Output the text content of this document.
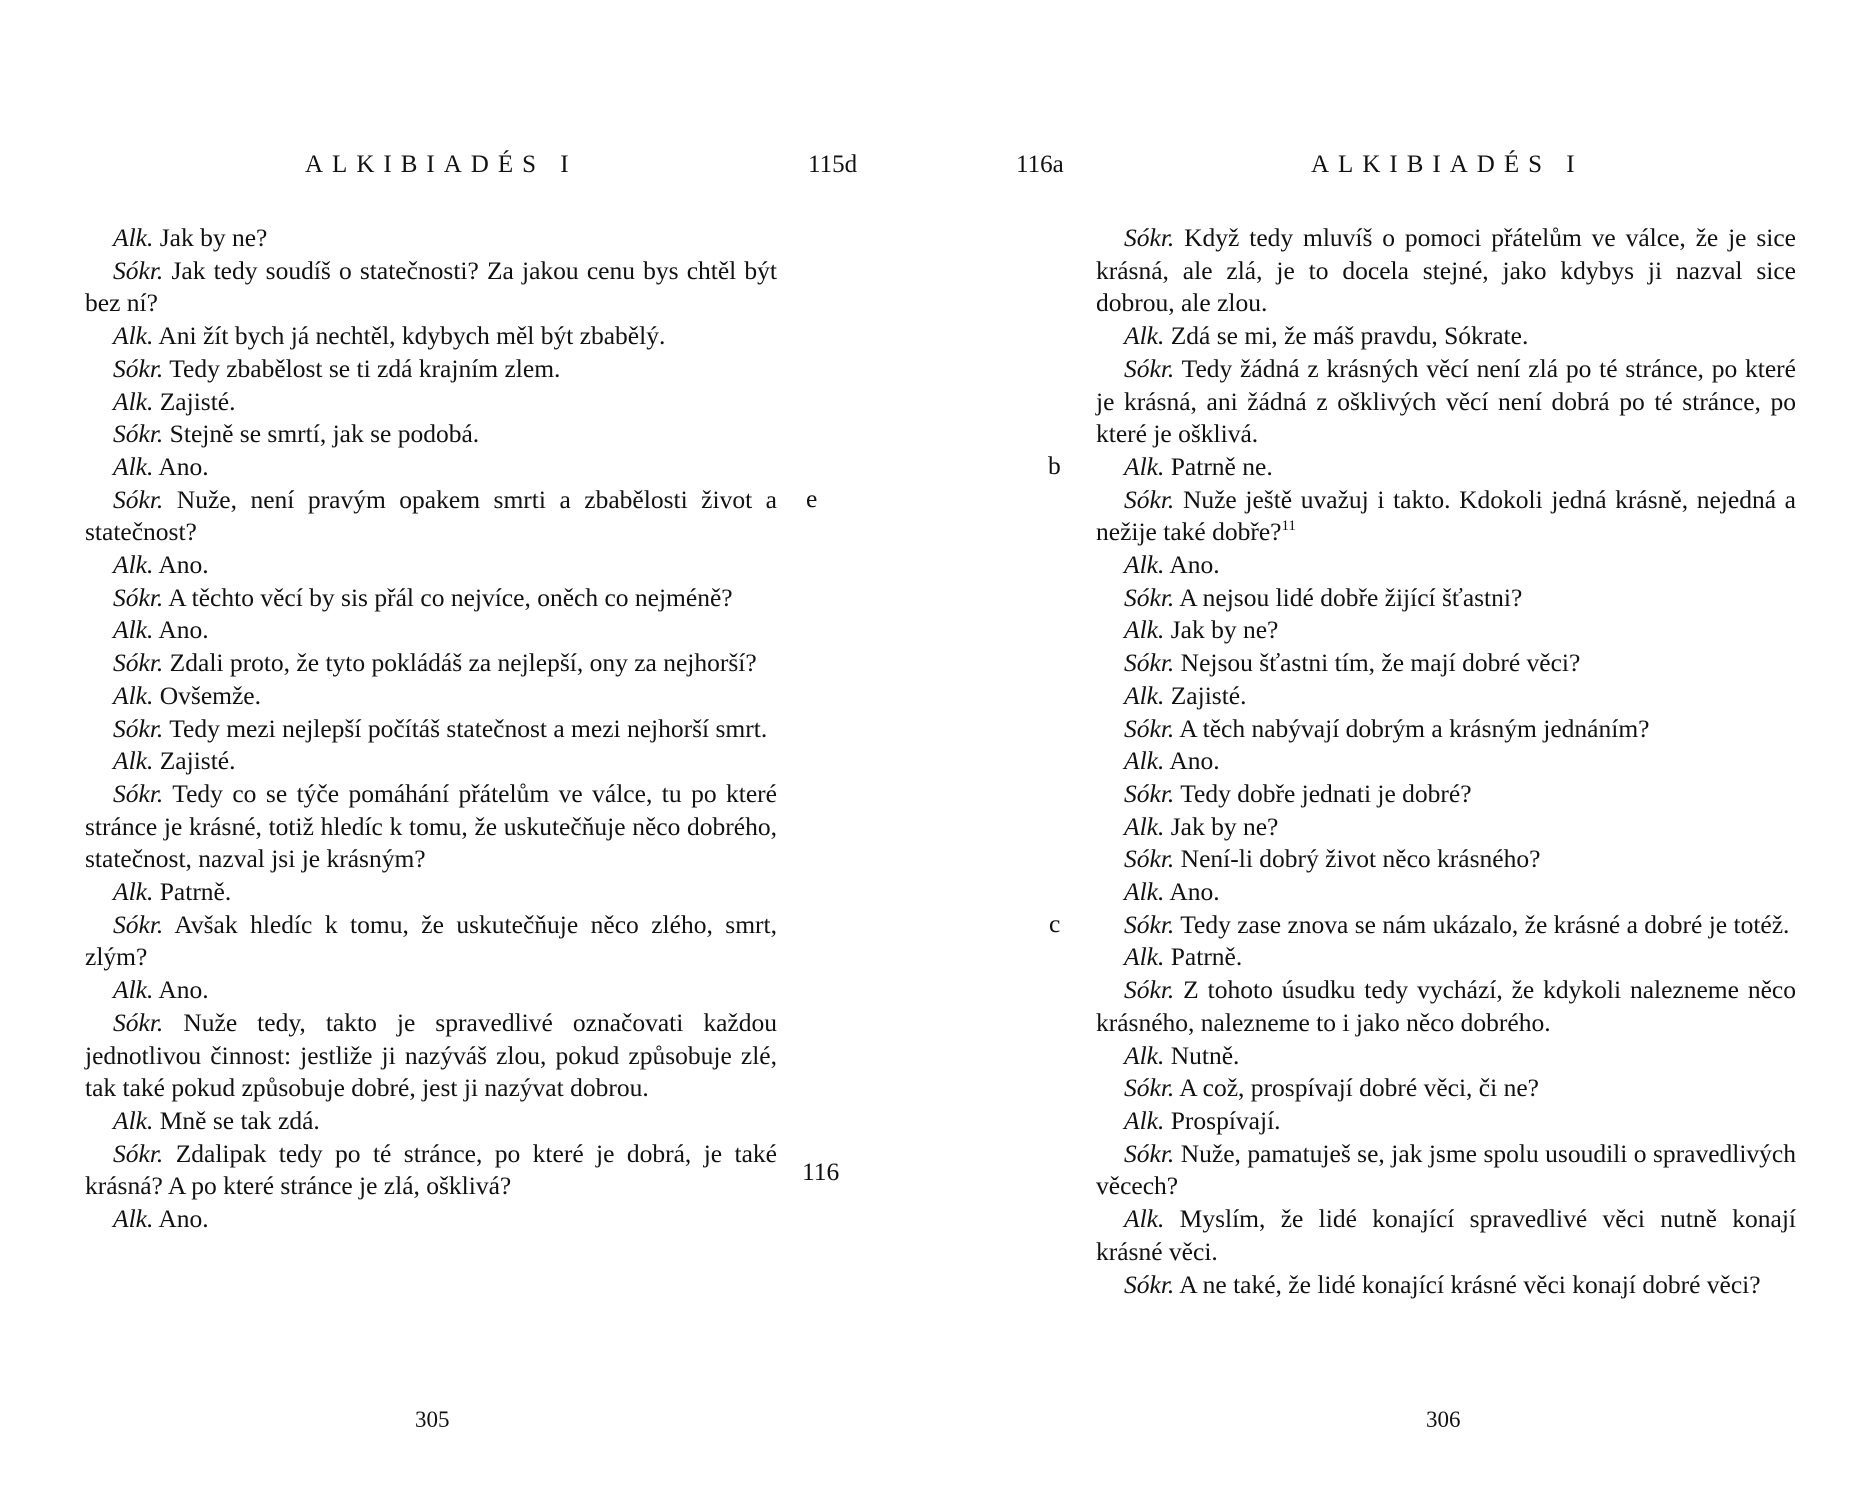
ALKIBIADÉS I	115d

Alk. Jak by ne?

Sókr. Jak tedy soudíš o statečnosti? Za jakou cenu bys chtěl být bez ní?

Alk. Ani žít bych já nechtěl, kdybych měl být zbabělý.

Sókr. Tedy zbabělost se ti zdá krajním zlem.

Alk. Zajisté.

Sókr. Stejně se smrtí, jak se podobá.

Alk. Ano.

Sókr. Nuže, není pravým opakem smrti a zbabělosti život a statečnost?

Alk. Ano.

Sókr. A těchto věcí by sis přál co nejvíce, oněch co nejméně?

Alk. Ano.

Sókr. Zdali proto, že tyto pokládáš za nejlepší, ony za nejhorší?

Alk. Ovšemže.

Sókr. Tedy mezi nejlepší počítáš statečnost a mezi nejhorší smrt.

Alk. Zajisté.

Sókr. Tedy co se týče pomáhání přátelům ve válce, tu po které stránce je krásné, totiž hledíc k tomu, že uskutečňuje něco dobrého, statečnost, nazval jsi je krásným?

Alk. Patrně.

Sókr. Avšak hledíc k tomu, že uskutečňuje něco zlého, smrt, zlým?

Alk. Ano.

Sókr. Nuže tedy, takto je spravedlivé označovati každou jednotlivou činnost: jestliže ji nazýváš zlou, pokud způsobuje zlé, tak také pokud způsobuje dobré, jest ji nazývat dobrou.

Alk. Mně se tak zdá.

Sókr. Zdalipak tedy po té stránce, po které je dobrá, je také krásná? A po které stránce je zlá, ošklivá?

Alk. Ano.

e
116
305
116a	ALKIBIADÉS I
b
c

Sókr. Když tedy mluvíš o pomoci přátelům ve válce, že je sice krásná, ale zlá, je to docela stejné, jako kdybys ji nazval sice dobrou, ale zlou.

Alk. Zdá se mi, že máš pravdu, Sókrate.

Sókr. Tedy žádná z krásných věcí není zlá po té stránce, po které je krásná, ani žádná z ošklivých věcí není dobrá po té stránce, po které je ošklivá.

Alk. Patrně ne.

Sókr. Nuže ještě uvažuj i takto. Kdokoli jedná krásně, nejedná a nežije také dobře?$^{11}$

Alk. Ano.

Sókr. A nejsou lidé dobře žijící šťastni?

Alk. Jak by ne?

Sókr. Nejsou šťastni tím, že mají dobré věci?

Alk. Zajisté.

Sókr. A těch nabývají dobrým a krásným jednáním?

Alk. Ano.

Sókr. Tedy dobře jednati je dobré?

Alk. Jak by ne?

Sókr. Není-li dobrý život něco krásného?

Alk. Ano.

Sókr. Tedy zase znova se nám ukázalo, že krásné a dobré je totéž.

Alk. Patrně.

Sókr. Z tohoto úsudku tedy vychází, že kdykoli nalezneme něco krásného, nalezneme to i jako něco dobrého.

Alk. Nutně.

Sókr. A což, prospívají dobré věci, či ne?

Alk. Prospívají.

Sókr. Nuže, pamatuješ se, jak jsme spolu usoudili o spravedlivých věcech?

Alk. Myslím, že lidé konající spravedlivé věci nutně konají krásné věci.

Sókr. A ne také, že lidé konající krásné věci konají dobré věci?

306
